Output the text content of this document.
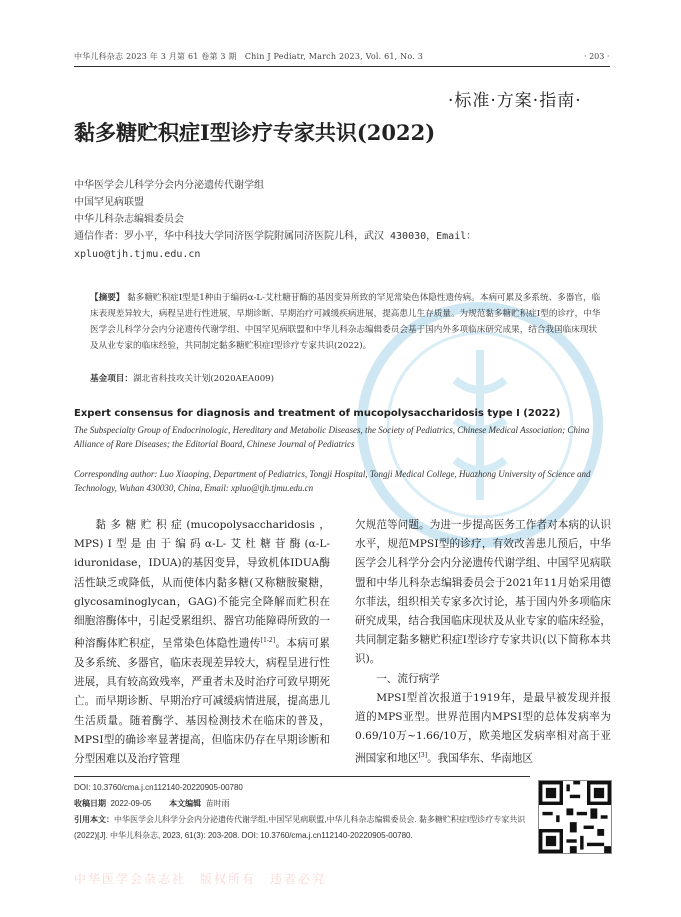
中华儿科杂志 2023 年 3 月第 61 卷第 3 期　Chin J Pediatr, March 2023, Vol. 61, No. 3	· 203 ·
·标准·方案·指南·
黏多糖贮积症Ⅰ型诊疗专家共识(2022)
中华医学会儿科学分会内分泌遗传代谢学组
中国罕见病联盟
中华儿科杂志编辑委员会
通信作者：罗小平，华中科技大学同济医学院附属同济医院儿科，武汉 430030，Email：
xpluo@tjh.tjmu.edu.cn
【摘要】 黏多糖贮积症Ⅰ型是1种由于编码α-L-艾杜糖苷酶的基因变异所致的罕见常染色体隐性遗传病。本病可累及多系统、多器官，临床表现差异较大，病程呈进行性进展，早期诊断、早期治疗可减缓疾病进展，提高患儿生存质量。为规范黏多糖贮积症Ⅰ型的诊疗，中华医学会儿科学分会内分泌遗传代谢学组、中国罕见病联盟和中华儿科杂志编辑委员会基于国内外多项临床研究成果，结合我国临床现状及从业专家的临床经验，共同制定黏多糖贮积症Ⅰ型诊疗专家共识(2022)。
基金项目：湖北省科技攻关计划(2020AEA009)
Expert consensus for diagnosis and treatment of mucopolysaccharidosis type Ⅰ (2022)
The Subspecialty Group of Endocrinologic, Hereditary and Metabolic Diseases, the Society of Pediatrics, Chinese Medical Association; China Alliance of Rare Diseases; the Editorial Board, Chinese Journal of Pediatrics
Corresponding author: Luo Xiaoping, Department of Pediatrics, Tongji Hospital, Tongji Medical College, Huazhong University of Science and Technology, Wuhan 430030, China, Email: xpluo@tjh.tjmu.edu.cn

黏多糖贮积症(mucopolysaccharidosis，MPS)Ⅰ型是由于编码α-L-艾杜糖苷酶(α-L-iduronidase，IDUA)的基因变异，导致机体IDUA酶活性缺乏或降低，从而使体内黏多糖(又称糖胺聚糖，glycosaminoglycan，GAG)不能完全降解而贮积在细胞溶酶体中，引起受累组织、器官功能障碍所致的一种溶酶体贮积症，呈常染色体隐性遗传[1-2]。本病可累及多系统、多器官，临床表现差异较大，病程呈进行性进展，具有较高致残率，严重者未及时治疗可致早期死亡。而早期诊断、早期治疗可减缓病情进展，提高患儿生活质量。随着酶学、基因检测技术在临床的普及，MPSⅠ型的确诊率显著提高，但临床仍存在早期诊断和分型困难以及治疗管理

欠规范等问题。为进一步提高医务工作者对本病的认识水平，规范MPSⅠ型的诊疗，有效改善患儿预后，中华医学会儿科学分会内分泌遗传代谢学组、中国罕见病联盟和中华儿科杂志编辑委员会于2021年11月始采用德尔菲法，组织相关专家多次讨论，基于国内外多项临床研究成果，结合我国临床现状及从业专家的临床经验，共同制定黏多糖贮积症Ⅰ型诊疗专家共识(以下简称本共识)。

一、流行病学

MPSⅠ型首次报道于1919年，是最早被发现并报道的MPS亚型。世界范围内MPSⅠ型的总体发病率为0.69/10万~1.66/10万，欧美地区发病率相对高于亚洲国家和地区[3]。我国华东、华南地区

DOI: 10.3760/cma.j.cn112140-20220905-00780
收稿日期 2022-09-05 本文编辑 苗时雨
引用本文：中华医学会儿科学分会内分泌遗传代谢学组,中国罕见病联盟,中华儿科杂志编辑委员会. 黏多糖贮积症Ⅰ型诊疗专家共识(2022)[J]. 中华儿科杂志, 2023, 61(3): 203-208. DOI: 10.3760/cma.j.cn112140-20220905-00780.
中华医学会杂志社　版权所有　违者必究
